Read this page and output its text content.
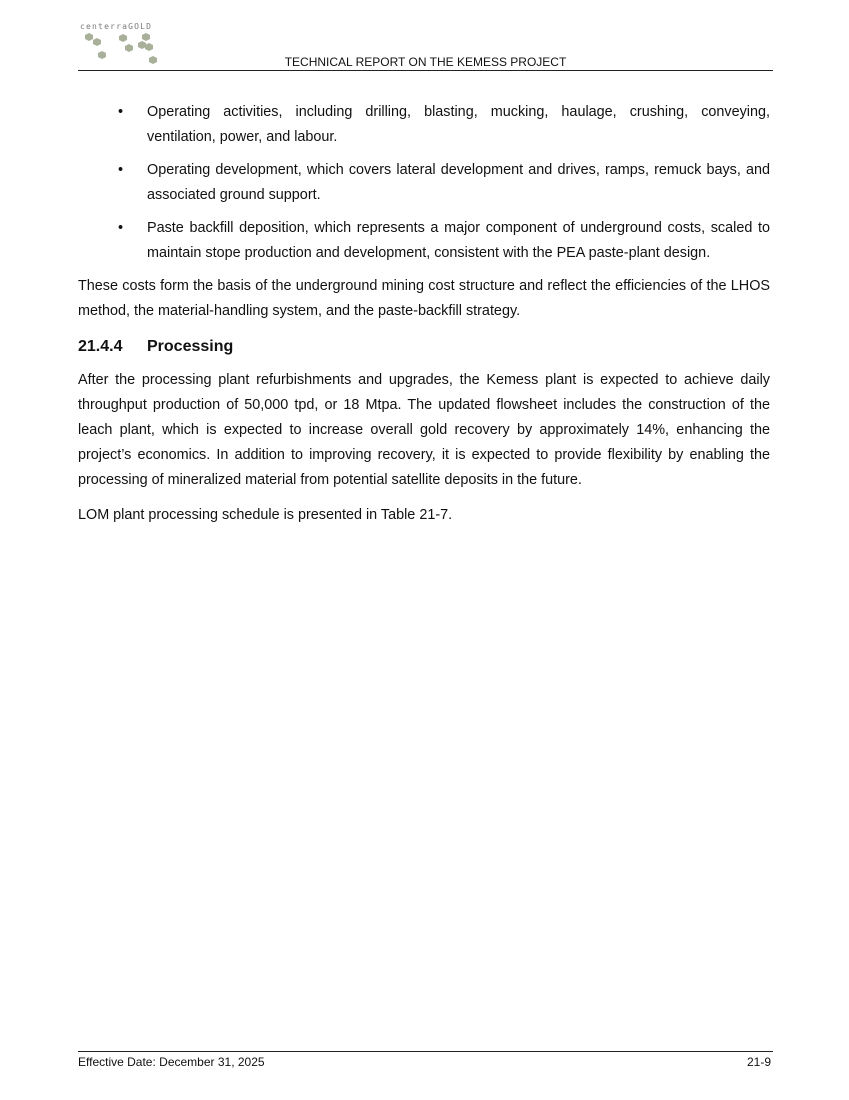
centerraGOLD
TECHNICAL REPORT ON THE KEMESS PROJECT
• Operating activities, including drilling, blasting, mucking, haulage, crushing, conveying, ventilation, power, and labour.
• Operating development, which covers lateral development and drives, ramps, remuck bays, and associated ground support.
• Paste backfill deposition, which represents a major component of underground costs, scaled to maintain stope production and development, consistent with the PEA paste-plant design.

These costs form the basis of the underground mining cost structure and reflect the efficiencies of the LHOS method, the material-handling system, and the paste-backfill strategy.

21.4.4 Processing

After the processing plant refurbishments and upgrades, the Kemess plant is expected to achieve daily throughput production of 50,000 tpd, or 18 Mtpa. The updated flowsheet includes the construction of the leach plant, which is expected to increase overall gold recovery by approximately 14%, enhancing the project’s economics. In addition to improving recovery, it is expected to provide flexibility by enabling the processing of mineralized material from potential satellite deposits in the future.

LOM plant processing schedule is presented in Table 21-7.

Effective Date: December 31, 2025	21-9
